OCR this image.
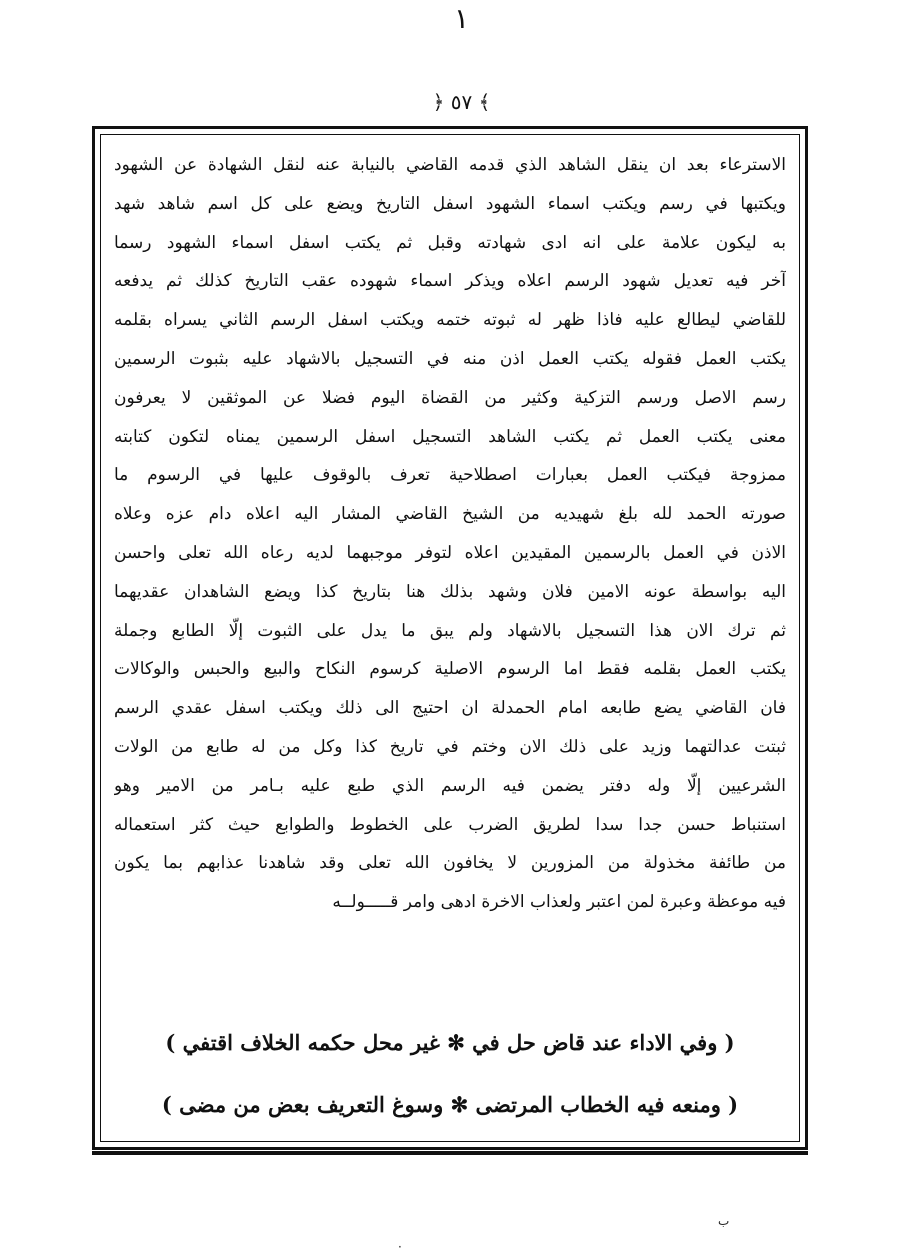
١
﴾ ٥٧ ﴿
الاسترعاء بعد ان ينقل الشاهد الذي قدمه القاضي بالنيابة عنه لنقل الشهادة عن الشهود
ويكتبها في رسم ويكتب اسماء الشهود اسفل التاريخ ويضع على كل اسم شاهد شهد
به ليكون علامة على انه ادى شهادته وقبل ثم يكتب اسفل اسماء الشهود رسما
آخر فيه تعديل شهود الرسم اعلاه ويذكر اسماء شهوده عقب التاريخ كذلك ثم يدفعه
للقاضي ليطالع عليه فاذا ظهر له ثبوته ختمه ويكتب اسفل الرسم الثاني يسراه بقلمه
يكتب العمل فقوله يكتب العمل اذن منه في التسجيل بالاشهاد عليه بثبوت الرسمين
رسم الاصل ورسم التزكية وكثير من القضاة اليوم فضلا عن الموثقين لا يعرفون
معنى يكتب العمل ثم يكتب الشاهد التسجيل اسفل الرسمين يمناه لتكون كتابته
ممزوجة فيكتب العمل بعبارات اصطلاحية تعرف بالوقوف عليها في الرسوم ما
صورته الحمد لله بلغ شهيديه من الشيخ القاضي المشار اليه اعلاه دام عزه وعلاه
الاذن في العمل بالرسمين المقيدين اعلاه لتوفر موجبهما لديه رعاه الله تعلى واحسن
اليه بواسطة عونه الامين فلان وشهد بذلك هنا بتاريخ كذا ويضع الشاهدان عقديهما
ثم ترك الان هذا التسجيل بالاشهاد ولم يبق ما يدل على الثبوت إلّا الطابع وجملة
يكتب العمل بقلمه فقط اما الرسوم الاصلية كرسوم النكاح والبيع والحبس والوكالات
فان القاضي يضع طابعه امام الحمدلة ان احتيج الى ذلك ويكتب اسفل عقدي الرسم
ثبتت عدالتهما وزيد على ذلك الان وختم في تاريخ كذا وكل من له طابع من الولات
الشرعيين إلّا وله دفتر يضمن فيه الرسم الذي طبع عليه بـامر من الامير وهو
استنباط حسن جدا سدا لطريق الضرب على الخطوط والطوابع حيث كثر استعماله
من طائفة مخذولة من المزورين لا يخافون الله تعلى وقد شاهدنا عذابهم بما يكون
فيه موعظة وعبرة لمن اعتبر ولعذاب الاخرة ادهى وامر قـــــولــه
( وفي الاداء عند قاض حل في ✻ غير محل حكمه الخلاف اقتفي )
( ومنعه فيه الخطاب المرتضى ✻ وسوغ التعريف بعض من مضى )
ب
·
